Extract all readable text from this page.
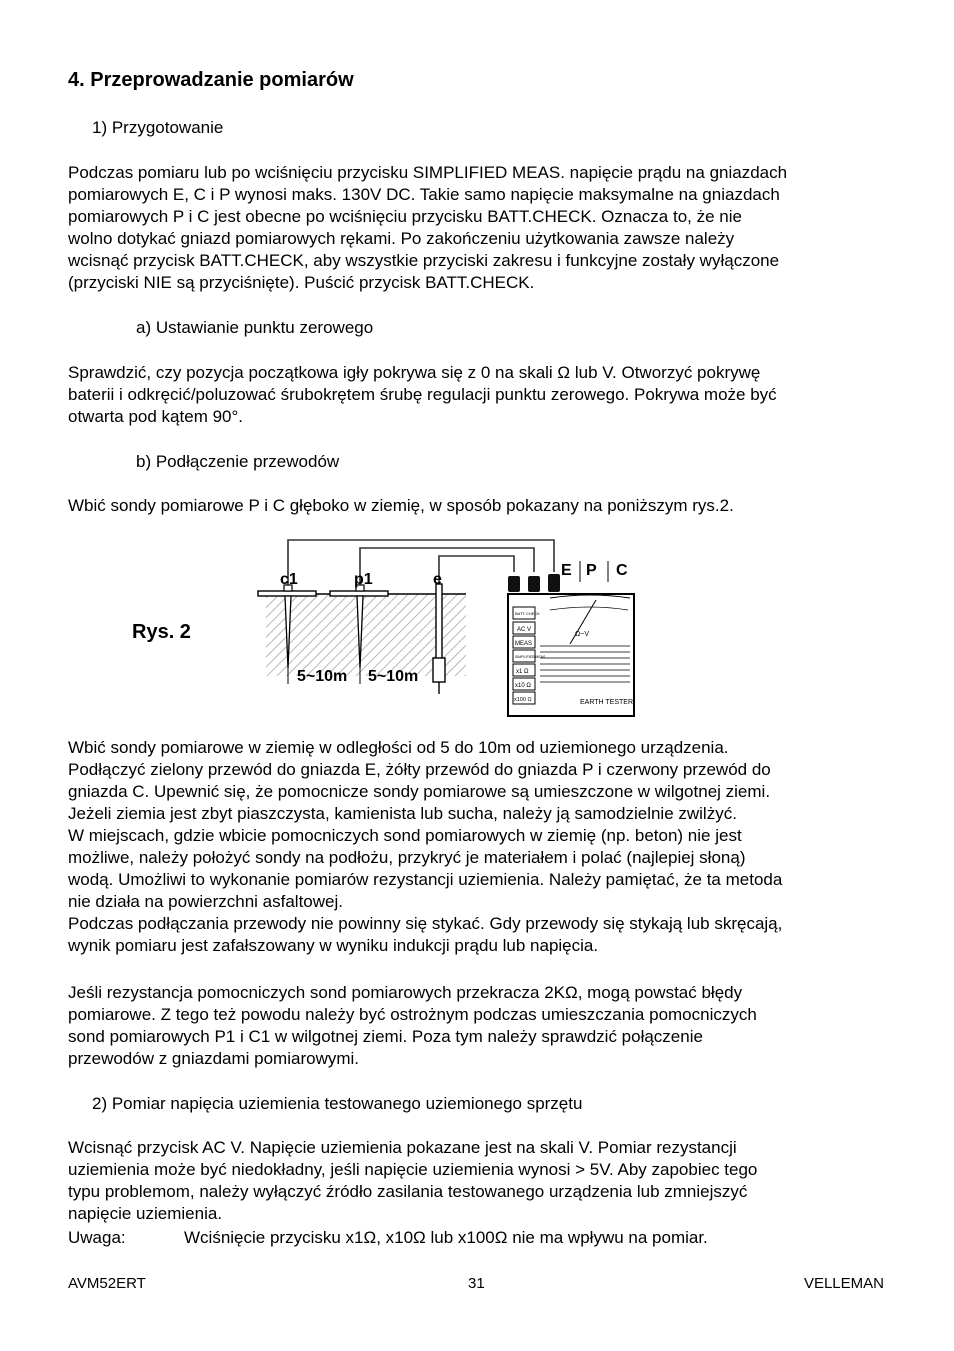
4. Przeprowadzanie pomiarów
1) Przygotowanie
Podczas pomiaru lub po wciśnięciu przycisku SIMPLIFIED MEAS. napięcie prądu na gniazdach
pomiarowych E, C i P wynosi maks. 130V DC. Takie samo napięcie maksymalne na gniazdach
pomiarowych P i C jest obecne po wciśnięciu przycisku BATT.CHECK. Oznacza to, że nie
wolno dotykać gniazd pomiarowych rękami. Po zakończeniu użytkowania zawsze należy
wcisnąć przycisk BATT.CHECK, aby wszystkie przyciski zakresu i funkcyjne zostały wyłączone
(przyciski NIE są przyciśnięte). Puścić przycisk BATT.CHECK.
a) Ustawianie punktu zerowego
Sprawdzić, czy pozycja początkowa igły pokrywa się z 0 na skali Ω lub V. Otworzyć pokrywę
baterii i odkręcić/poluzować śrubokrętem śrubę regulacji punktu zerowego. Pokrywa może być
otwarta pod kątem 90°.
b) Podłączenie przewodów
Wbić sondy pomiarowe P i C głęboko w ziemię, w sposób pokazany na poniższym rys.2.
Rys. 2
5~10m 5~10m
c1	p1	e
E P C
Ω~V
EARTH TESTER
BATT CHECK
AC V
MEAS
SIMPLIFIED MEAS
x1 Ω
x10 Ω
x100 Ω
Wbić sondy pomiarowe w ziemię w odległości od 5 do 10m od uziemionego urządzenia.
Podłączyć zielony przewód do gniazda E, żółty przewód do gniazda P i czerwony przewód do
gniazda C. Upewnić się, że pomocnicze sondy pomiarowe są umieszczone w wilgotnej ziemi.
Jeżeli ziemia jest zbyt piaszczysta, kamienista lub sucha, należy ją samodzielnie zwilżyć.
W miejscach, gdzie wbicie pomocniczych sond pomiarowych w ziemię (np. beton) nie jest
możliwe, należy położyć sondy na podłożu, przykryć je materiałem i polać (najlepiej słoną)
wodą. Umożliwi to wykonanie pomiarów rezystancji uziemienia. Należy pamiętać, że ta metoda
nie działa na powierzchni asfaltowej.
Podczas podłączania przewody nie powinny się stykać. Gdy przewody się stykają lub skręcają,
wynik pomiaru jest zafałszowany w wyniku indukcji prądu lub napięcia.
Jeśli rezystancja pomocniczych sond pomiarowych przekracza 2KΩ, mogą powstać błędy
pomiarowe. Z tego też powodu należy być ostrożnym podczas umieszczania pomocniczych
sond pomiarowych P1 i C1 w wilgotnej ziemi. Poza tym należy sprawdzić połączenie
przewodów z gniazdami pomiarowymi.
2) Pomiar napięcia uziemienia testowanego uziemionego sprzętu
Wcisnąć przycisk AC V. Napięcie uziemienia pokazane jest na skali V. Pomiar rezystancji
uziemienia może być niedokładny, jeśli napięcie uziemienia wynosi > 5V. Aby zapobiec tego
typu problemom, należy wyłączyć źródło zasilania testowanego urządzenia lub zmniejszyć
napięcie uziemienia.
Uwaga:	Wciśnięcie przycisku x1Ω, x10Ω lub x100Ω nie ma wpływu na pomiar.
AVM52ERT	31	VELLEMAN
